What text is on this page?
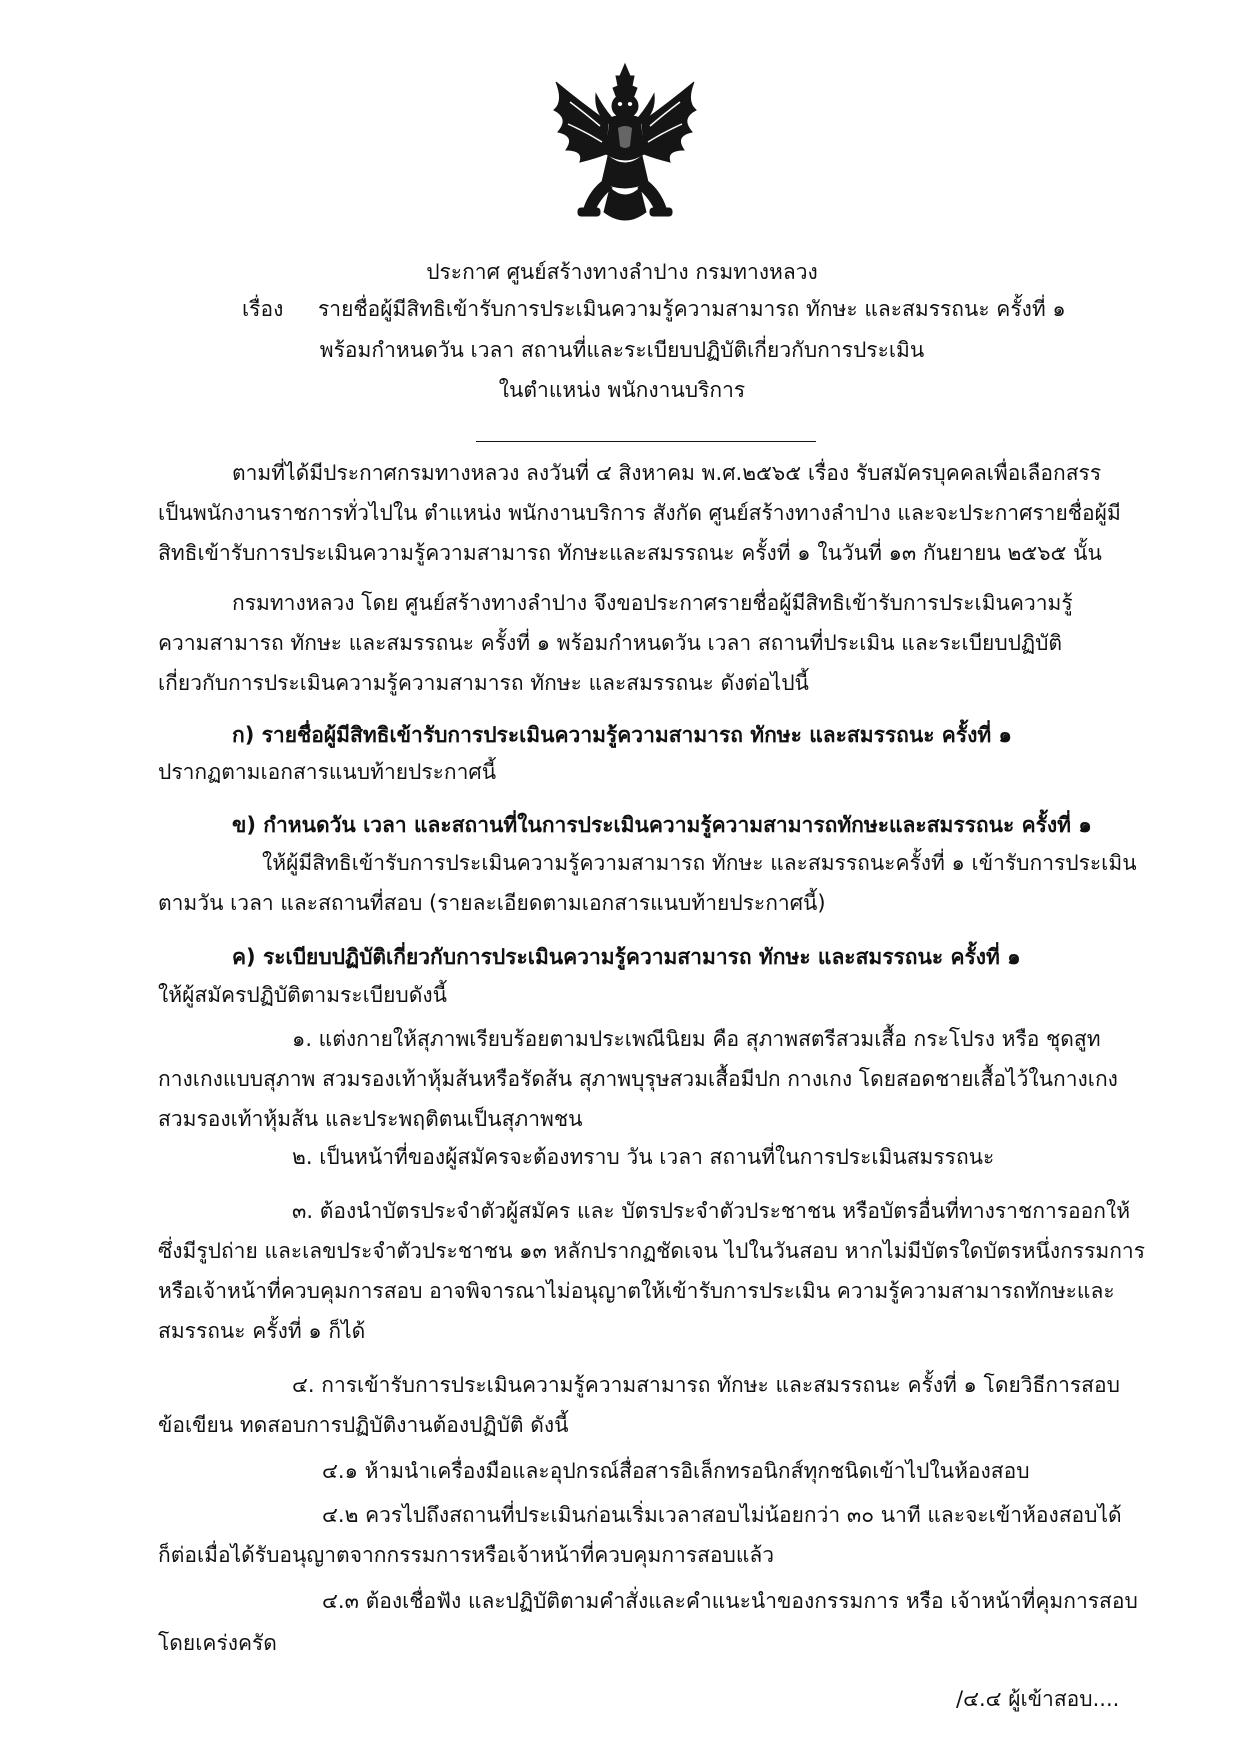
ประกาศ ศูนย์สร้างทางลำปาง กรมทางหลวง
เรื่อง รายชื่อผู้มีสิทธิเข้ารับการประเมินความรู้ความสามารถ ทักษะ และสมรรถนะ ครั้งที่ ๑
พร้อมกำหนดวัน เวลา สถานที่และระเบียบปฏิบัติเกี่ยวกับการประเมิน
ในตำแหน่ง พนักงานบริการ
ตามที่ได้มีประกาศกรมทางหลวง ลงวันที่ ๔ สิงหาคม พ.ศ.๒๕๖๕ เรื่อง รับสมัครบุคคลเพื่อเลือกสรร
เป็นพนักงานราชการทั่วไปใน ตำแหน่ง พนักงานบริการ สังกัด ศูนย์สร้างทางลำปาง และจะประกาศรายชื่อผู้มี
สิทธิเข้ารับการประเมินความรู้ความสามารถ ทักษะและสมรรถนะ ครั้งที่ ๑ ในวันที่ ๑๓ กันยายน ๒๕๖๕ นั้น
กรมทางหลวง โดย ศูนย์สร้างทางลำปาง จึงขอประกาศรายชื่อผู้มีสิทธิเข้ารับการประเมินความรู้
ความสามารถ ทักษะ และสมรรถนะ ครั้งที่ ๑ พร้อมกำหนดวัน เวลา สถานที่ประเมิน และระเบียบปฏิบัติ
เกี่ยวกับการประเมินความรู้ความสามารถ ทักษะ และสมรรถนะ ดังต่อไปนี้
ก) รายชื่อผู้มีสิทธิเข้ารับการประเมินความรู้ความสามารถ ทักษะ และสมรรถนะ ครั้งที่ ๑
ปรากฏตามเอกสารแนบท้ายประกาศนี้
ข) กำหนดวัน เวลา และสถานที่ในการประเมินความรู้ความสามารถทักษะและสมรรถนะ ครั้งที่ ๑
ให้ผู้มีสิทธิเข้ารับการประเมินความรู้ความสามารถ ทักษะ และสมรรถนะครั้งที่ ๑ เข้ารับการประเมิน
ตามวัน เวลา และสถานที่สอบ (รายละเอียดตามเอกสารแนบท้ายประกาศนี้)
ค) ระเบียบปฏิบัติเกี่ยวกับการประเมินความรู้ความสามารถ ทักษะ และสมรรถนะ ครั้งที่ ๑
ให้ผู้สมัครปฏิบัติตามระเบียบดังนี้
๑. แต่งกายให้สุภาพเรียบร้อยตามประเพณีนิยม คือ สุภาพสตรีสวมเสื้อ กระโปรง หรือ ชุดสูท
กางเกงแบบสุภาพ สวมรองเท้าหุ้มส้นหรือรัดส้น สุภาพบุรุษสวมเสื้อมีปก กางเกง โดยสอดชายเสื้อไว้ในกางเกง
สวมรองเท้าหุ้มส้น และประพฤติตนเป็นสุภาพชน
๒. เป็นหน้าที่ของผู้สมัครจะต้องทราบ วัน เวลา สถานที่ในการประเมินสมรรถนะ
๓. ต้องนำบัตรประจำตัวผู้สมัคร และ บัตรประจำตัวประชาชน หรือบัตรอื่นที่ทางราชการออกให้
ซึ่งมีรูปถ่าย และเลขประจำตัวประชาชน ๑๓ หลักปรากฏชัดเจน ไปในวันสอบ หากไม่มีบัตรใดบัตรหนึ่งกรรมการ
หรือเจ้าหน้าที่ควบคุมการสอบ อาจพิจารณาไม่อนุญาตให้เข้ารับการประเมิน ความรู้ความสามารถทักษะและ
สมรรถนะ ครั้งที่ ๑ ก็ได้
๔. การเข้ารับการประเมินความรู้ความสามารถ ทักษะ และสมรรถนะ ครั้งที่ ๑ โดยวิธีการสอบ
ข้อเขียน ทดสอบการปฏิบัติงานต้องปฏิบัติ ดังนี้
๔.๑ ห้ามนำเครื่องมือและอุปกรณ์สื่อสารอิเล็กทรอนิกส์ทุกชนิดเข้าไปในห้องสอบ
๔.๒ ควรไปถึงสถานที่ประเมินก่อนเริ่มเวลาสอบไม่น้อยกว่า ๓๐ นาที และจะเข้าห้องสอบได้
ก็ต่อเมื่อได้รับอนุญาตจากกรรมการหรือเจ้าหน้าที่ควบคุมการสอบแล้ว
๔.๓ ต้องเชื่อฟัง และปฏิบัติตามคำสั่งและคำแนะนำของกรรมการ หรือ เจ้าหน้าที่คุมการสอบ
โดยเคร่งครัด
/๔.๔ ผู้เข้าสอบ....
